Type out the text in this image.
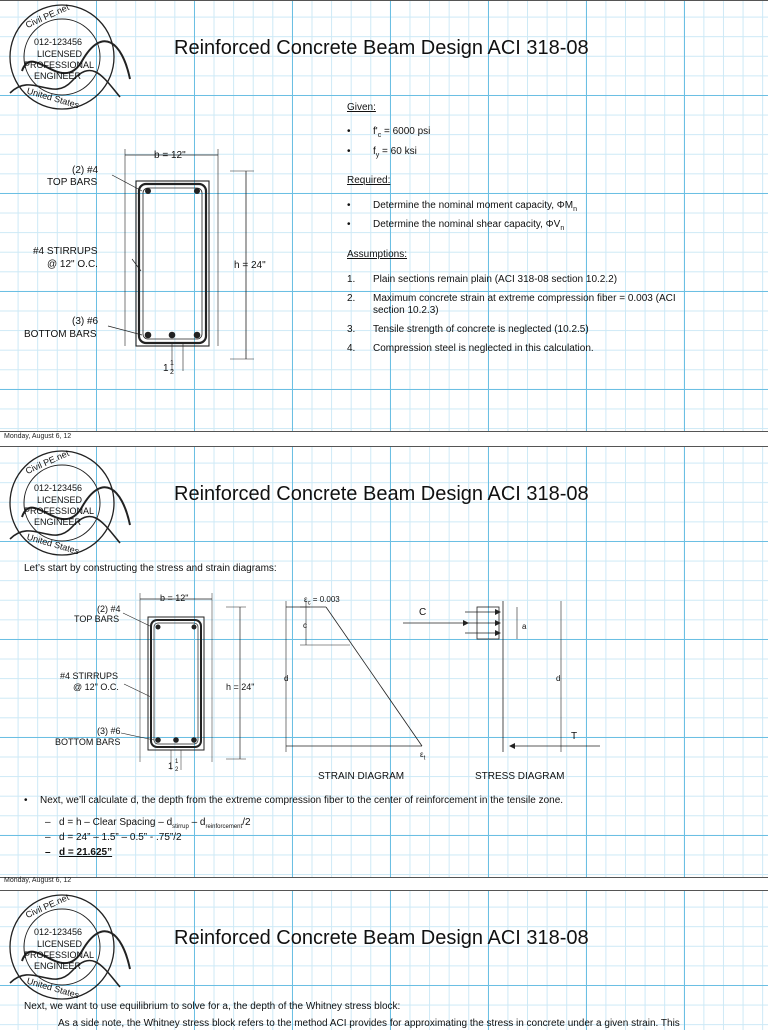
Civil PE.net
012-123456
LICENSED
PROFESSIONAL
ENGINEER
United States
Reinforced Concrete Beam Design ACI 318-08
b = 12"
h = 24"
(2) #4
TOP BARS
#4 STIRRUPS
@ 12" O.C.
(3) #6
BOTTOM BARS
1 1
2
Given:
• $f'_c = 6000$ psi
• $f_y = 60$ ksi
Required:
• Determine the nominal moment capacity, $\Phi M_n$
• Determine the nominal shear capacity, $\Phi V_n$
Assumptions:
1. Plain sections remain plain (ACI 318-08 section 10.2.2)
2. Maximum concrete strain at extreme compression fiber = 0.003 (ACI
section 10.2.3)
3. Tensile strength of concrete is neglected (10.2.5)
4. Compression steel is neglected in this calculation.
Monday, August 6, 12
Civil PE.net
012-123456
LICENSED
PROFESSIONAL
ENGINEER
United States
Reinforced Concrete Beam Design ACI 318-08
Let’s start by constructing the stress and strain diagrams:
b = 12"
h = 24"
(2) #4
TOP BARS
#4 STIRRUPS
@ 12" O.C.
(3) #6
BOTTOM BARS
1 1
2
$\varepsilon_c = 0.003$
c
d
$\varepsilon_t$
C
a
d
T
STRAIN DIAGRAM	STRESS DIAGRAM
• Next, we’ll calculate d, the depth from the extreme compression fiber to the center of reinforcement in the tensile zone.
– d = h – Clear Spacing – $d_{stirrup} - d_{reinforcement}/2$
– d = 24” – 1.5” – 0.5” - .75”/2
– d = 21.625”
Monday, August 6, 12
Civil PE.net
012-123456
LICENSED
PROFESSIONAL
ENGINEER
United States
Reinforced Concrete Beam Design ACI 318-08
Next, we want to use equilibrium to solve for a, the depth of the Whitney stress block:
As a side note, the Whitney stress block refers to the method ACI provides for approximating the stress in concrete under a given strain. This
